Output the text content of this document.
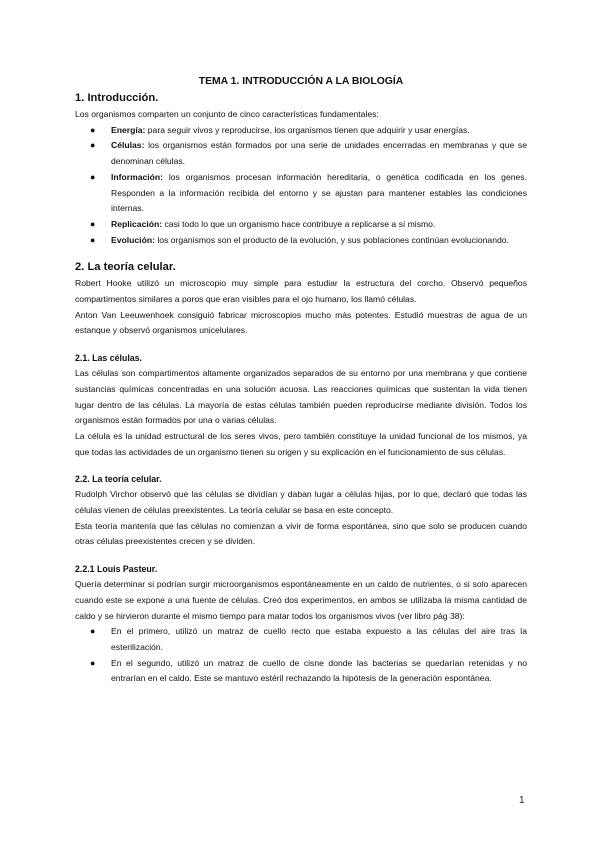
TEMA 1. INTRODUCCIÓN A LA BIOLOGÍA
1. Introducción.

Los organismos comparten un conjunto de cinco características fundamentales:

● Energía: para seguir vivos y reproducirse, los organismos tienen que adquirir y usar energías.
● Células: los organismos están formados por una serie de unidades encerradas en membranas y que se denominan células.
● Información: los organismos procesan información hereditaria, o genética codificada en los genes. Responden a la información recibida del entorno y se ajustan para mantener estables las condiciones internas.
● Replicación: casi todo lo que un organismo hace contribuye a replicarse a sí mismo.
● Evolución: los organismos son el producto de la evolución, y sus poblaciones continúan evolucionando.
2. La teoría celular.

Robert Hooke utilizó un microscopio muy simple para estudiar la estructura del corcho. Observó pequeños compartimentos similares a poros que eran visibles para el ojo humano, los llamó células.

Anton Van Leeuwenhoek consiguió fabricar microscopios mucho más potentes. Estudió muestras de agua de un estanque y observó organismos unicelulares.

2.1. Las células.

Las células son compartimentos altamente organizados separados de su entorno por una membrana y que contiene sustancias químicas concentradas en una solución acuosa. Las reacciones químicas que sustentan la vida tienen lugar dentro de las células. La mayoría de estas células también pueden reproducirse mediante división. Todos los organismos están formados por una o varias células.

La célula es la unidad estructural de los seres vivos, pero también constituye la unidad funcional de los mismos, ya que todas las actividades de un organismo tienen su origen y su explicación en el funcionamiento de sus células.

2.2. La teoría celular.

Rudolph Virchor observó que las células se dividían y daban lugar a células hijas, por lo que, declaró que todas las células vienen de células preexistentes. La teoría celular se basa en este concepto.

Esta teoría mantenía que las células no comienzan a vivir de forma espontánea, sino que solo se producen cuando otras células preexistentes crecen y se dividen.

2.2.1 Louis Pasteur.

Quería determinar si podrían surgir microorganismos espontáneamente en un caldo de nutrientes, o si solo aparecen cuando este se expone a una fuente de células. Creó dos experimentos, en ambos se utilizaba la misma cantidad de caldo y se hirvieron durante el mismo tiempo para matar todos los organismos vivos (ver libro pág 38):

● En el primero, utilizó un matraz de cuello recto que estaba expuesto a las células del aire tras la esterilización.
● En el segundo, utilizó un matraz de cuello de cisne donde las bacterias se quedarían retenidas y no entrarían en el caldo. Este se mantuvo estéril rechazando la hipótesis de la generación espontánea.
1
